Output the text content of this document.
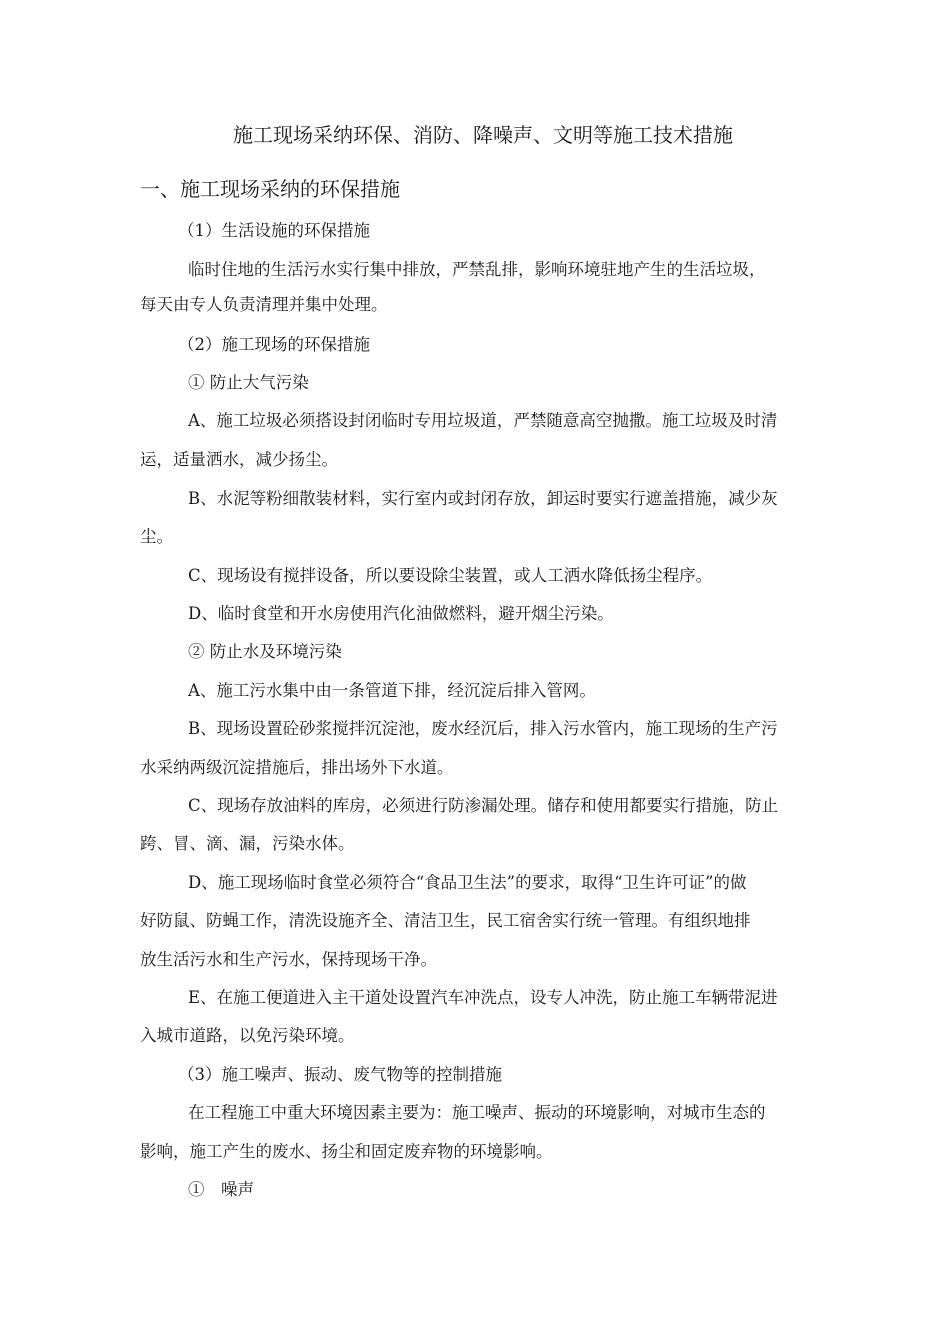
施工现场采纳环保、消防、降噪声、文明等施工技术措施
一、施工现场采纳的环保措施
（1）生活设施的环保措施
临时住地的生活污水实行集中排放，严禁乱排，影响环境驻地产生的生活垃圾，
每天由专人负责清理并集中处理。
（2）施工现场的环保措施
① 防止大气污染
A、施工垃圾必须搭设封闭临时专用垃圾道，严禁随意高空抛撒。施工垃圾及时清
运，适量洒水，减少扬尘。
B、水泥等粉细散装材料，实行室内或封闭存放，卸运时要实行遮盖措施，减少灰
尘。
C、现场设有搅拌设备，所以要设除尘装置，或人工洒水降低扬尘程序。
D、临时食堂和开水房使用汽化油做燃料，避开烟尘污染。
② 防止水及环境污染
A、施工污水集中由一条管道下排，经沉淀后排入管网。
B、现场设置砼砂浆搅拌沉淀池，废水经沉后，排入污水管内，施工现场的生产污
水采纳两级沉淀措施后，排出场外下水道。
C、现场存放油料的库房，必须进行防渗漏处理。储存和使用都要实行措施，防止
跨、冒、滴、漏，污染水体。
D、施工现场临时食堂必须符合“食品卫生法”的要求，取得“卫生许可证”的做
好防鼠、防蝇工作，清洗设施齐全、清洁卫生，民工宿舍实行统一管理。有组织地排
放生活污水和生产污水，保持现场干净。
E、在施工便道进入主干道处设置汽车冲洗点，设专人冲洗，防止施工车辆带泥进
入城市道路，以免污染环境。
（3）施工噪声、振动、废气物等的控制措施
在工程施工中重大环境因素主要为：施工噪声、振动的环境影响，对城市生态的
影响，施工产生的废水、扬尘和固定废弃物的环境影响。
①　噪声
